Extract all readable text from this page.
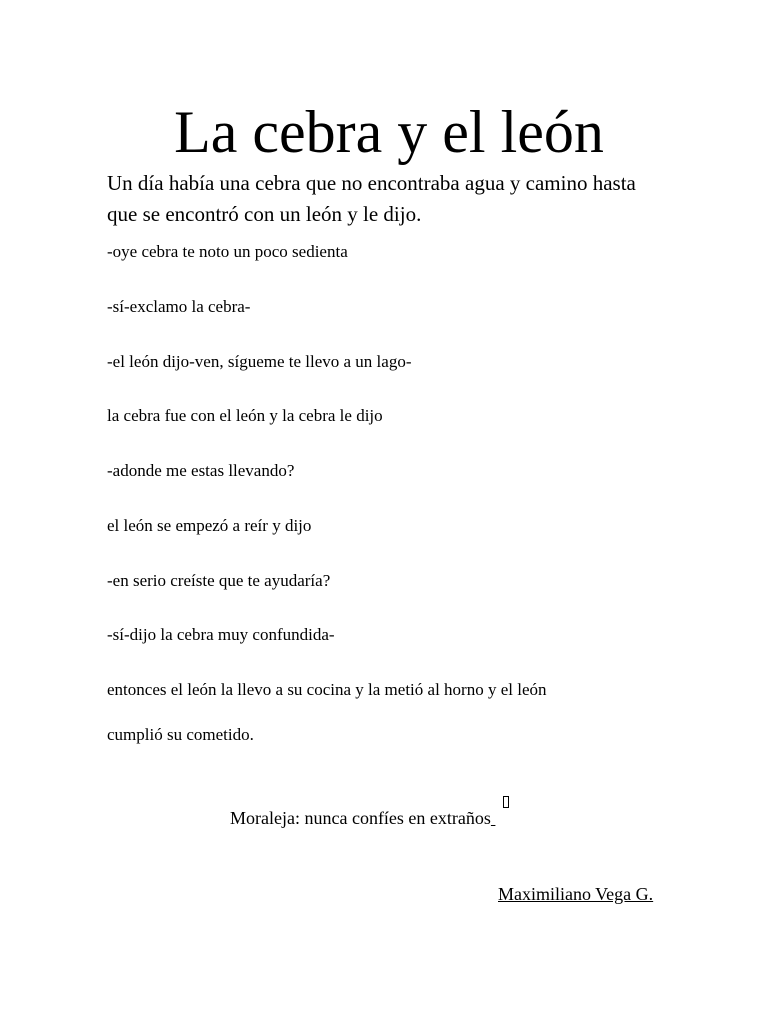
La cebra y el león

Un día había una cebra que no encontraba agua y camino hasta que se encontró con un león y le dijo.

-oye cebra te noto un poco sedienta

-sí-exclamo la cebra-

-el león dijo-ven, sígueme te llevo a un lago-

la cebra fue con el león y la cebra le dijo

-adonde me estas llevando?

el león se empezó a reír y dijo

-en serio creíste que te ayudaría?

-sí-dijo la cebra muy confundida-

entonces el león la llevo a su cocina y la metió al horno y el león

cumplió su cometido.

Moraleja: nunca confíes en extraños

Maximiliano Vega G.
